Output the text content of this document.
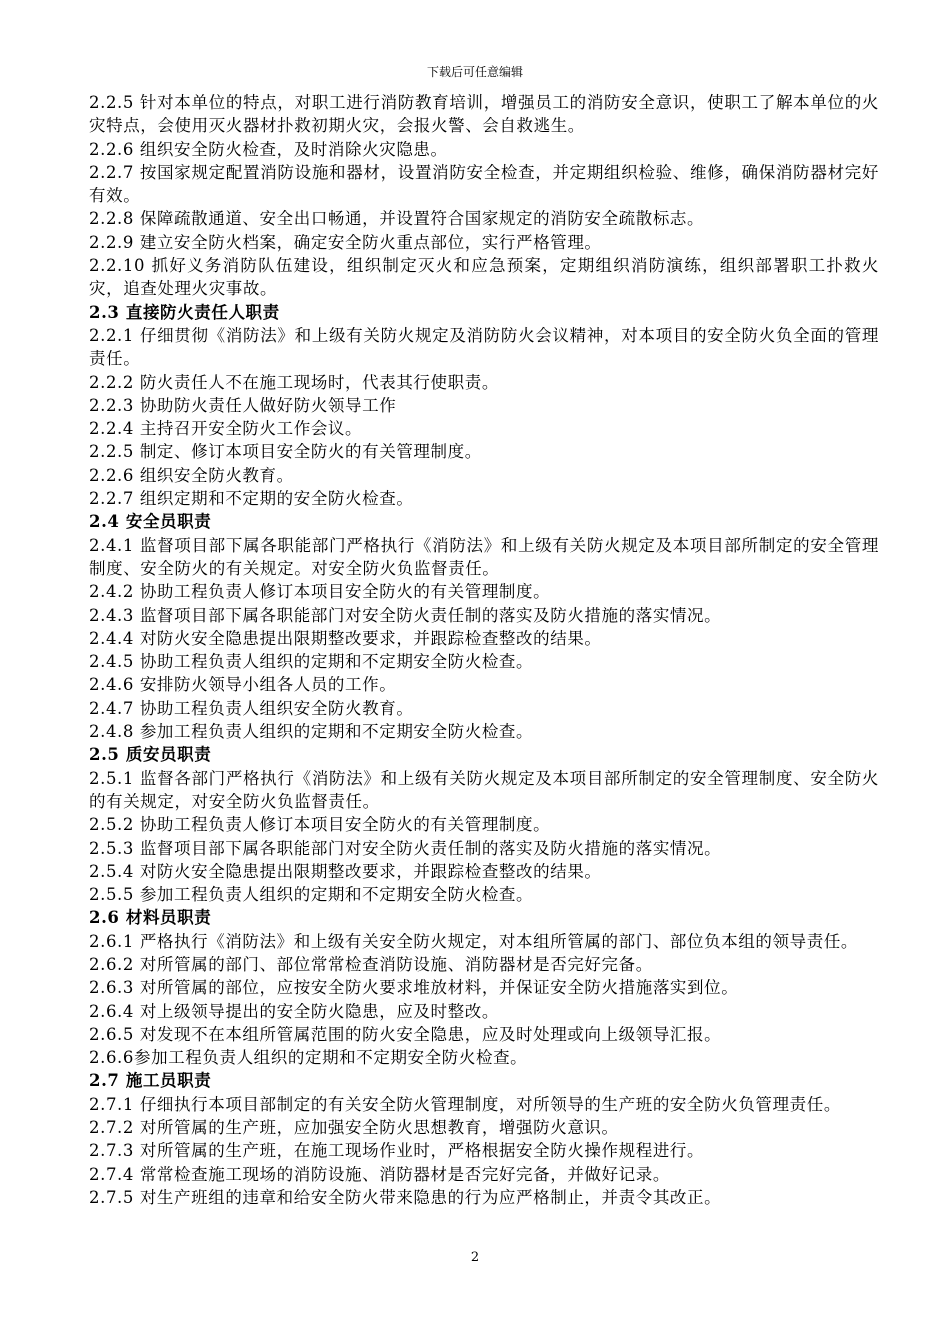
下载后可任意编辑

2.2.5 针对本单位的特点，对职工进行消防教育培训，增强员工的消防安全意识，使职工了解本单位的火灾特点，会使用灭火器材扑救初期火灾，会报火警、会自救逃生。

2.2.6 组织安全防火检查，及时消除火灾隐患。

2.2.7 按国家规定配置消防设施和器材，设置消防安全检查，并定期组织检验、维修，确保消防器材完好有效。

2.2.8 保障疏散通道、安全出口畅通，并设置符合国家规定的消防安全疏散标志。

2.2.9 建立安全防火档案，确定安全防火重点部位，实行严格管理。

2.2.10 抓好义务消防队伍建设，组织制定灭火和应急预案，定期组织消防演练，组织部署职工扑救火灾，追查处理火灾事故。

2.3 直接防火责任人职责

2.2.1 仔细贯彻《消防法》和上级有关防火规定及消防防火会议精神，对本项目的安全防火负全面的管理责任。

2.2.2 防火责任人不在施工现场时，代表其行使职责。

2.2.3 协助防火责任人做好防火领导工作

2.2.4 主持召开安全防火工作会议。

2.2.5 制定、修订本项目安全防火的有关管理制度。

2.2.6 组织安全防火教育。

2.2.7 组织定期和不定期的安全防火检查。

2.4 安全员职责

2.4.1 监督项目部下属各职能部门严格执行《消防法》和上级有关防火规定及本项目部所制定的安全管理制度、安全防火的有关规定。对安全防火负监督责任。

2.4.2 协助工程负责人修订本项目安全防火的有关管理制度。

2.4.3 监督项目部下属各职能部门对安全防火责任制的落实及防火措施的落实情况。

2.4.4 对防火安全隐患提出限期整改要求，并跟踪检查整改的结果。

2.4.5 协助工程负责人组织的定期和不定期安全防火检查。

2.4.6 安排防火领导小组各人员的工作。

2.4.7 协助工程负责人组织安全防火教育。

2.4.8 参加工程负责人组织的定期和不定期安全防火检查。

2.5 质安员职责

2.5.1 监督各部门严格执行《消防法》和上级有关防火规定及本项目部所制定的安全管理制度、安全防火的有关规定，对安全防火负监督责任。

2.5.2 协助工程负责人修订本项目安全防火的有关管理制度。

2.5.3 监督项目部下属各职能部门对安全防火责任制的落实及防火措施的落实情况。

2.5.4 对防火安全隐患提出限期整改要求，并跟踪检查整改的结果。

2.5.5 参加工程负责人组织的定期和不定期安全防火检查。

2.6 材料员职责

2.6.1 严格执行《消防法》和上级有关安全防火规定，对本组所管属的部门、部位负本组的领导责任。

2.6.2 对所管属的部门、部位常常检查消防设施、消防器材是否完好完备。

2.6.3 对所管属的部位，应按安全防火要求堆放材料，并保证安全防火措施落实到位。

2.6.4 对上级领导提出的安全防火隐患，应及时整改。

2.6.5 对发现不在本组所管属范围的防火安全隐患，应及时处理或向上级领导汇报。

2.6.6参加工程负责人组织的定期和不定期安全防火检查。

2.7 施工员职责

2.7.1 仔细执行本项目部制定的有关安全防火管理制度，对所领导的生产班的安全防火负管理责任。

2.7.2 对所管属的生产班，应加强安全防火思想教育，增强防火意识。

2.7.3 对所管属的生产班，在施工现场作业时，严格根据安全防火操作规程进行。

2.7.4 常常检查施工现场的消防设施、消防器材是否完好完备，并做好记录。

2.7.5 对生产班组的违章和给安全防火带来隐患的行为应严格制止，并责令其改正。

2
